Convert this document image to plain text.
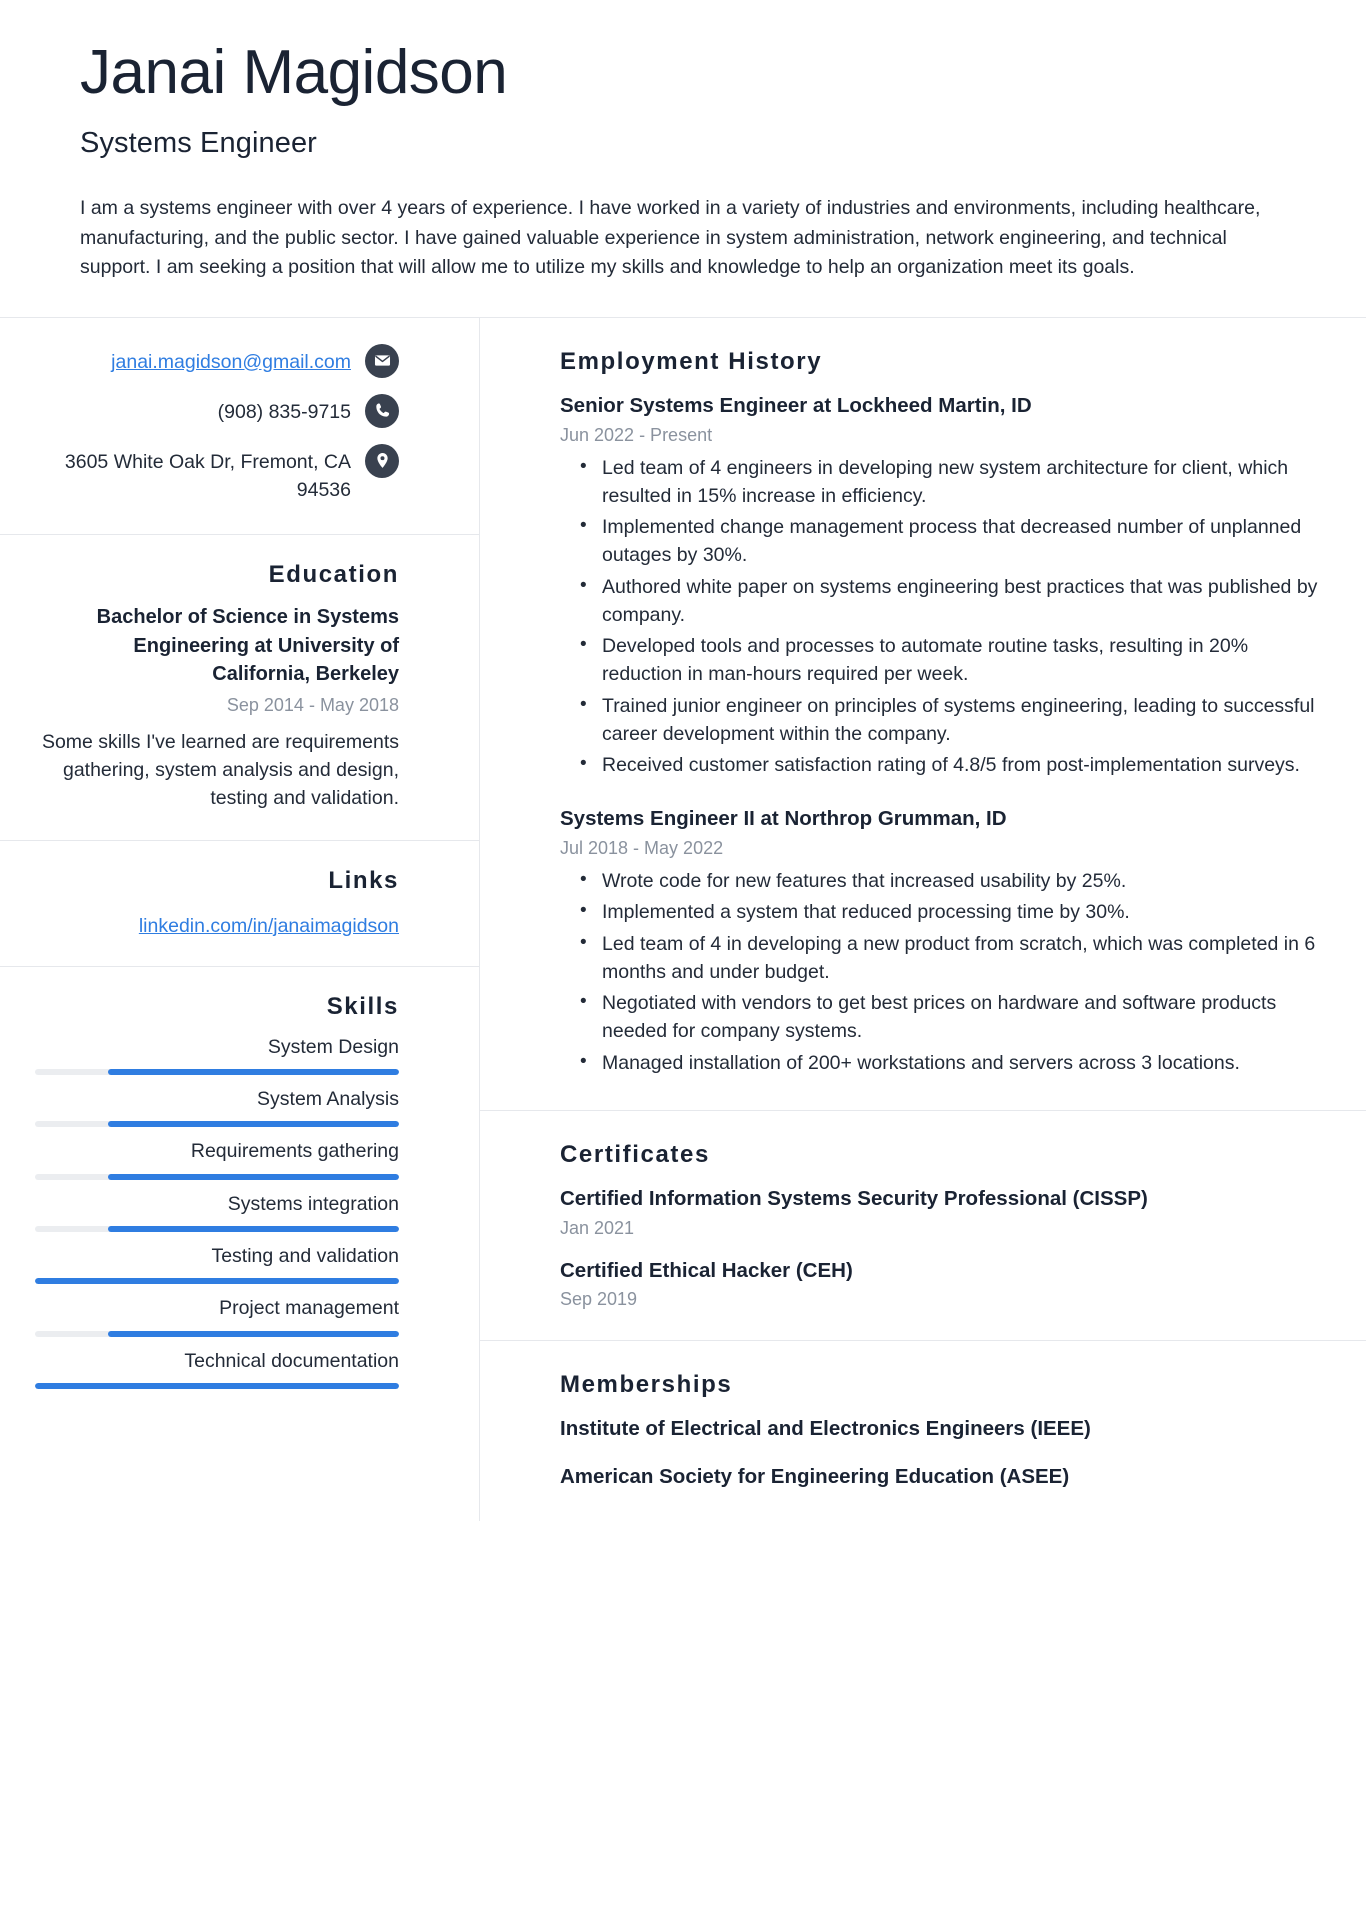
Janai Magidson
Systems Engineer
I am a systems engineer with over 4 years of experience. I have worked in a variety of industries and environments, including healthcare, manufacturing, and the public sector. I have gained valuable experience in system administration, network engineering, and technical support. I am seeking a position that will allow me to utilize my skills and knowledge to help an organization meet its goals.
janai.magidson@gmail.com
(908) 835-9715
3605 White Oak Dr, Fremont, CA 94536
Education
Bachelor of Science in Systems Engineering at University of California, Berkeley
Sep 2014 - May 2018
Some skills I've learned are requirements gathering, system analysis and design, testing and validation.
Links
linkedin.com/in/janaimagidson
Skills
System Design
System Analysis
Requirements gathering
Systems integration
Testing and validation
Project management
Technical documentation
Employment History
Senior Systems Engineer at Lockheed Martin, ID
Jun 2022 - Present
• Led team of 4 engineers in developing new system architecture for client, which resulted in 15% increase in efficiency.
• Implemented change management process that decreased number of unplanned outages by 30%.
• Authored white paper on systems engineering best practices that was published by company.
• Developed tools and processes to automate routine tasks, resulting in 20% reduction in man-hours required per week.
• Trained junior engineer on principles of systems engineering, leading to successful career development within the company.
• Received customer satisfaction rating of 4.8/5 from post-implementation surveys.
Systems Engineer II at Northrop Grumman, ID
Jul 2018 - May 2022
• Wrote code for new features that increased usability by 25%.
• Implemented a system that reduced processing time by 30%.
• Led team of 4 in developing a new product from scratch, which was completed in 6 months and under budget.
• Negotiated with vendors to get best prices on hardware and software products needed for company systems.
• Managed installation of 200+ workstations and servers across 3 locations.
Certificates
Certified Information Systems Security Professional (CISSP)
Jan 2021
Certified Ethical Hacker (CEH)
Sep 2019
Memberships
Institute of Electrical and Electronics Engineers (IEEE)
American Society for Engineering Education (ASEE)
